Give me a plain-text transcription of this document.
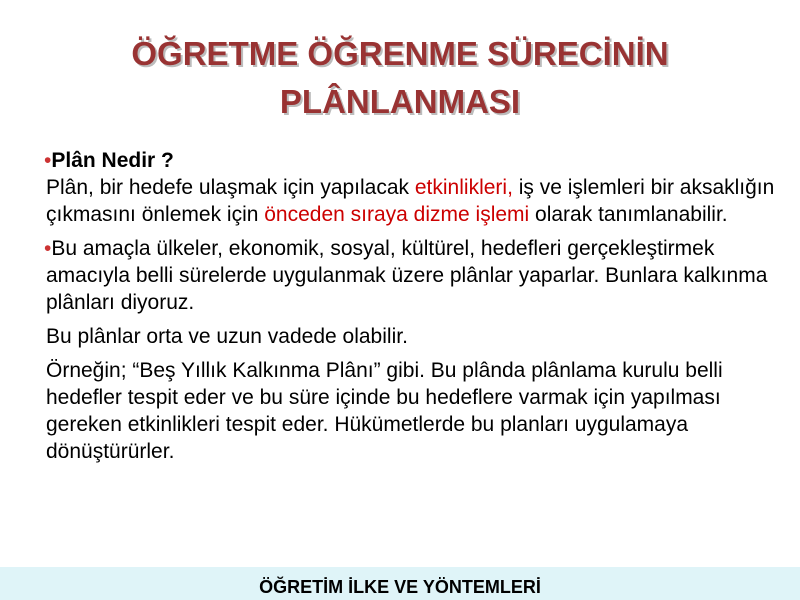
ÖĞRETME ÖĞRENME SÜRECİNİN
PLÂNLANMASI

•Plân Nedir ?
Plân, bir hedefe ulaşmak için yapılacak etkinlikleri, iş ve işlemleri bir aksaklığın çıkmasını önlemek için önceden sıraya dizme işlemi olarak tanımlanabilir.

•Bu amaçla ülkeler, ekonomik, sosyal, kültürel, hedefleri gerçekleştirmek amacıyla belli sürelerde uygulanmak üzere plânlar yaparlar. Bunlara kalkınma plânları diyoruz.

Bu plânlar orta ve uzun vadede olabilir.

Örneğin; “Beş Yıllık Kalkınma Plânı” gibi. Bu plânda plânlama kurulu belli hedefler tespit eder ve bu süre içinde bu hedeflere varmak için yapılması gereken etkinlikleri tespit eder. Hükümetlerde bu planları uygulamaya dönüştürürler.

ÖĞRETİM İLKE VE YÖNTEMLERİ
